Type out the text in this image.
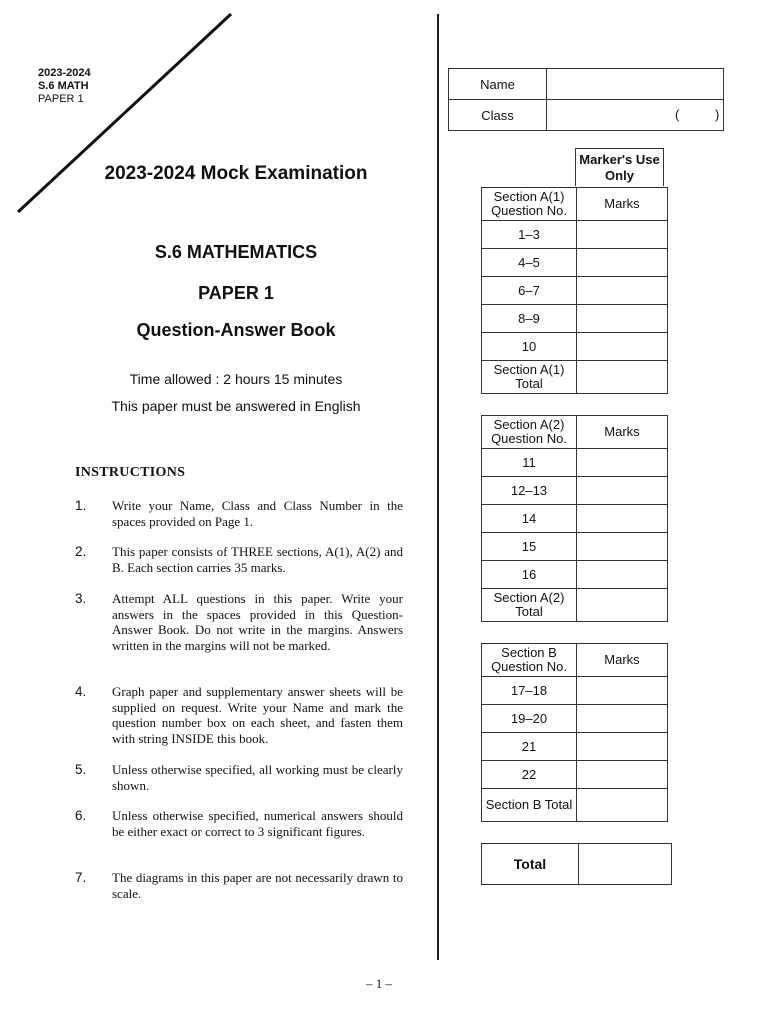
2023-2024
S.6 MATH
PAPER 1
2023-2024 Mock Examination
S.6 MATHEMATICS
PAPER 1
Question-Answer Book
Time allowed : 2 hours 15 minutes
This paper must be answered in English
INSTRUCTIONS
1. Write your Name, Class and Class Number in the spaces provided on Page 1.
2. This paper consists of THREE sections, A(1), A(2) and B. Each section carries 35 marks.
3. Attempt ALL questions in this paper. Write your answers in the spaces provided in this Question-Answer Book. Do not write in the margins. Answers written in the margins will not be marked.
4. Graph paper and supplementary answer sheets will be supplied on request. Write your Name and mark the question number box on each sheet, and fasten them with string INSIDE this book.
5. Unless otherwise specified, all working must be clearly shown.
6. Unless otherwise specified, numerical answers should be either exact or correct to 3 significant figures.
7. The diagrams in this paper are not necessarily drawn to scale.
Name	
Class	( )
Marker's Use Only
Section A(1) Question No.	Marks
1–3	
4–5	
6–7	
8–9	
10	
Section A(1) Total	
Section A(2) Question No.	Marks
11	
12–13	
14	
15	
16	
Section A(2) Total	
Section B Question No.	Marks
17–18	
19–20	
21	
22	
Section B Total	
Total	
– 1 –
